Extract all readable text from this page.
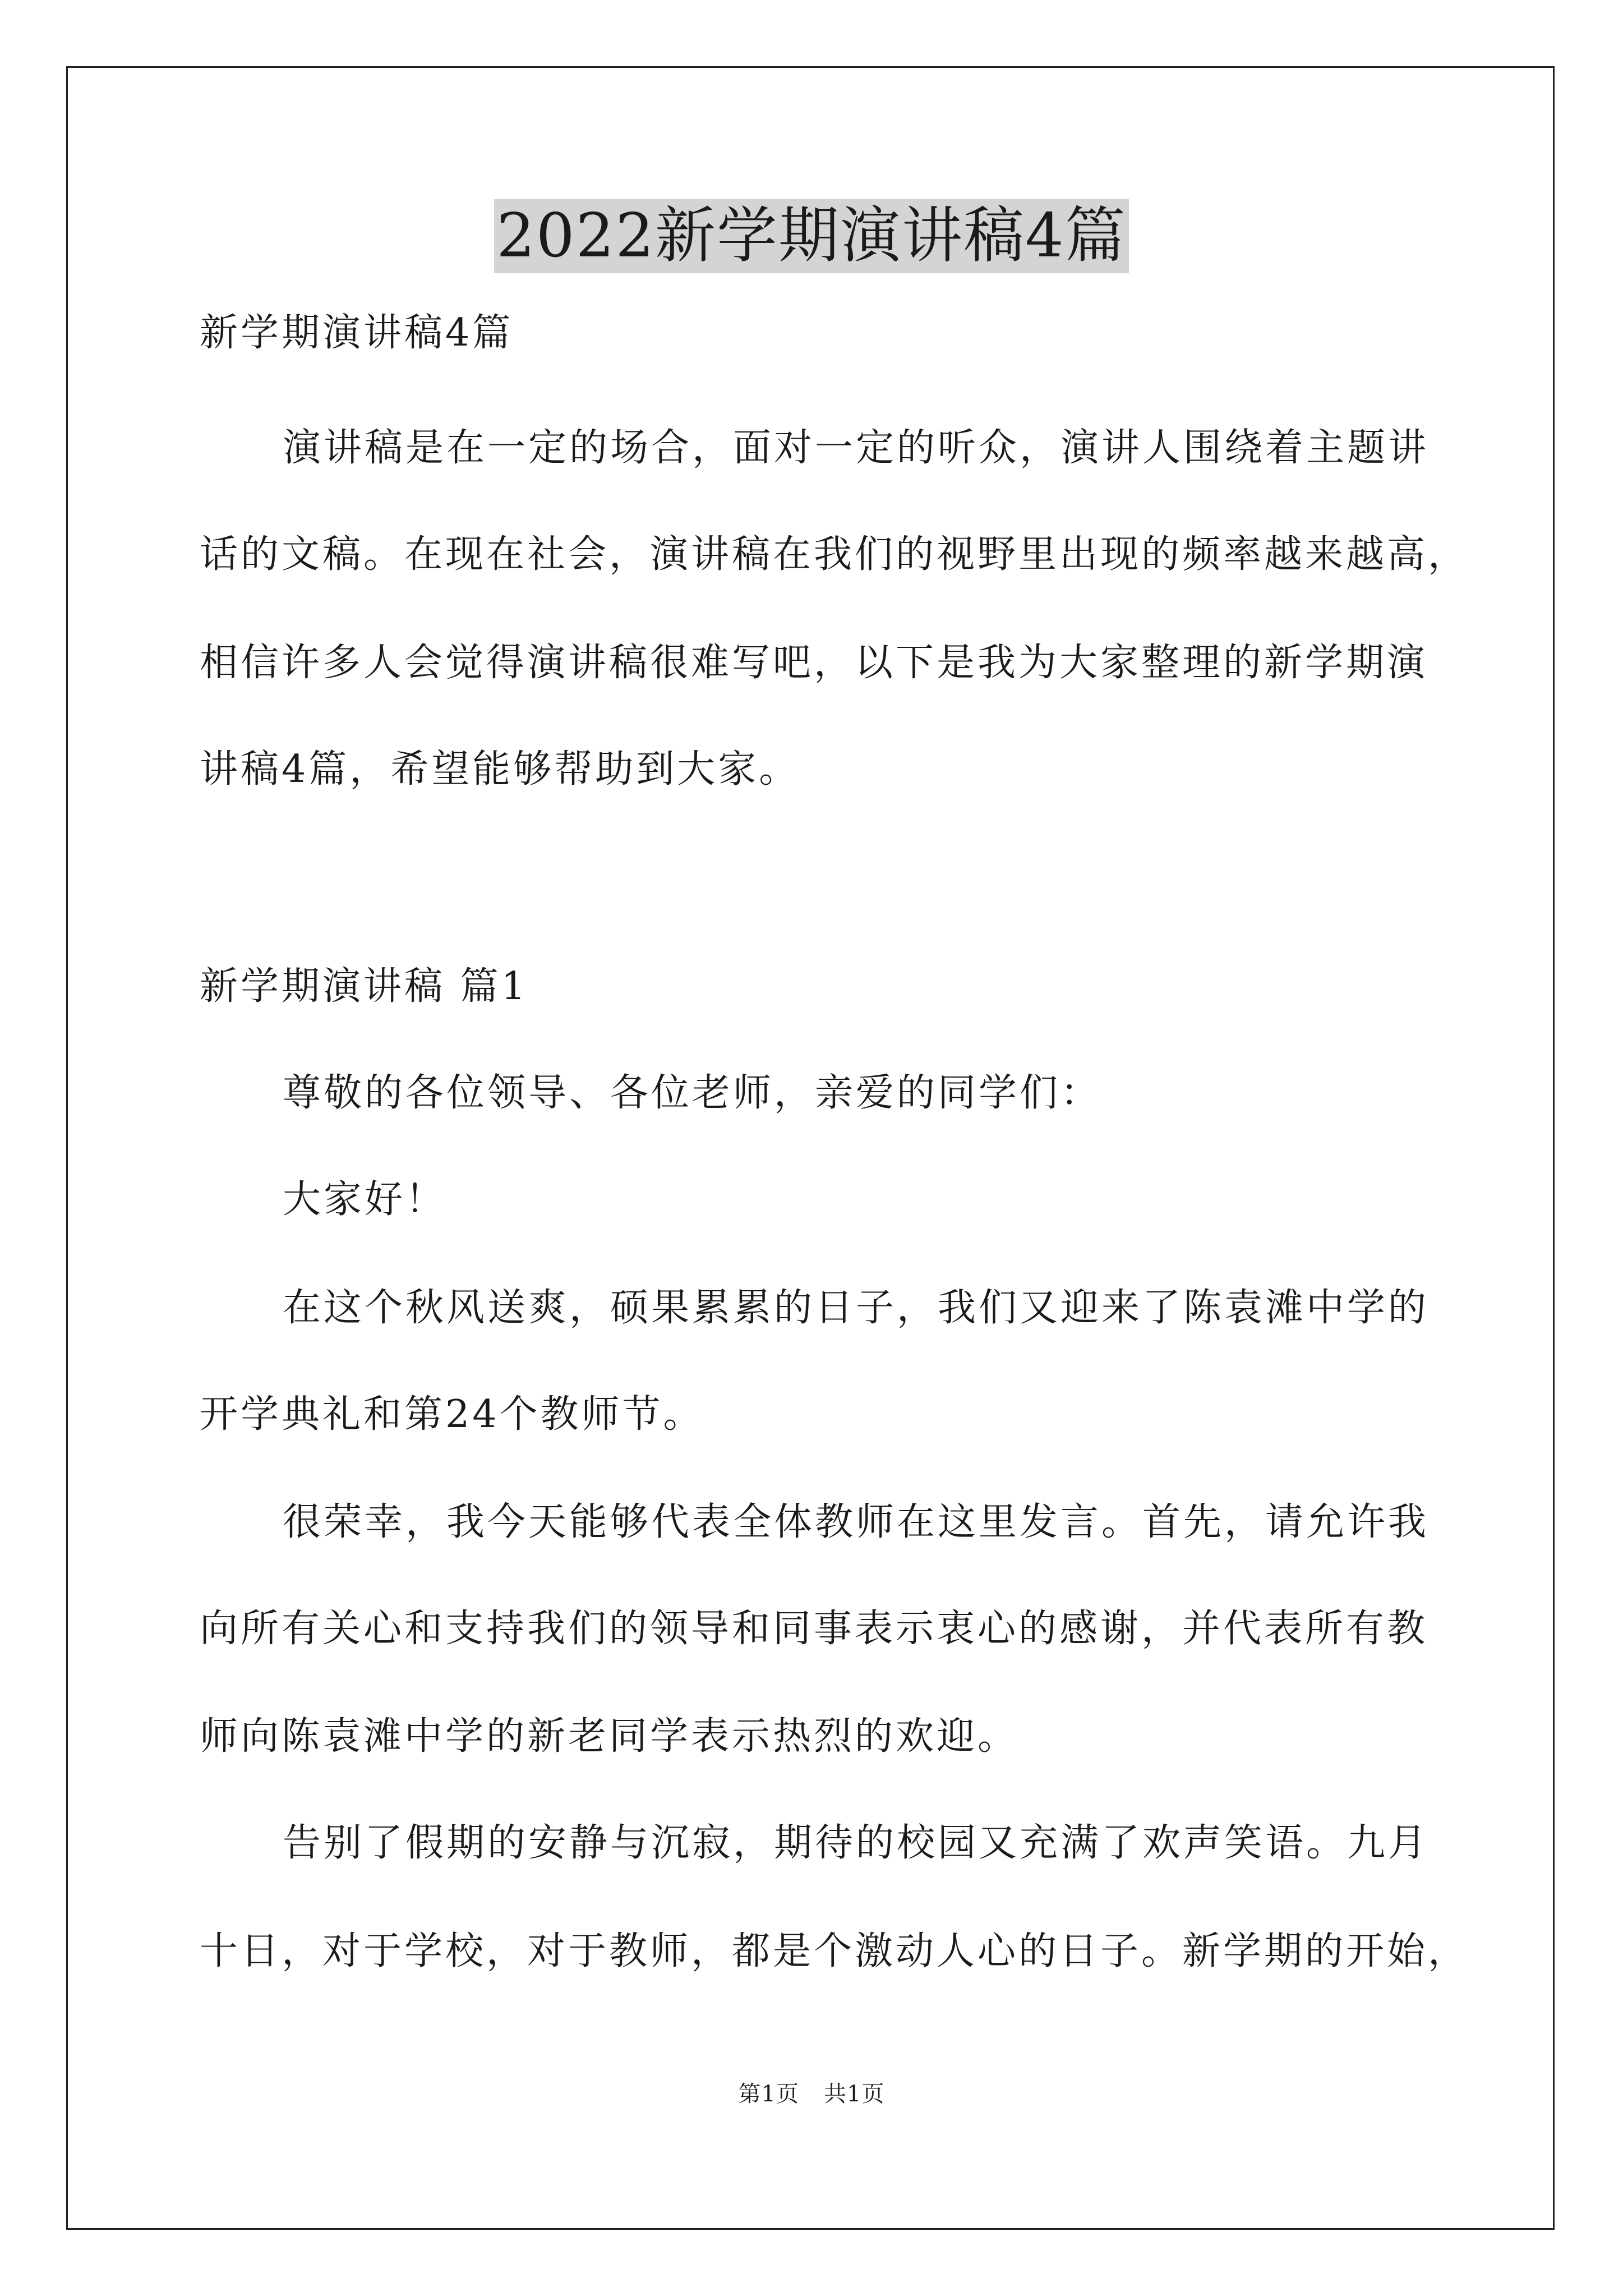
2022新学期演讲稿4篇
新学期演讲稿4篇
演讲稿是在一定的场合，面对一定的听众，演讲人围绕着主题讲
话的文稿。在现在社会，演讲稿在我们的视野里出现的频率越来越高，
相信许多人会觉得演讲稿很难写吧，以下是我为大家整理的新学期演
讲稿4篇，希望能够帮助到大家。
新学期演讲稿 篇1
尊敬的各位领导、各位老师，亲爱的同学们：
大家好！
在这个秋风送爽，硕果累累的日子，我们又迎来了陈袁滩中学的
开学典礼和第24个教师节。
很荣幸，我今天能够代表全体教师在这里发言。首先，请允许我
向所有关心和支持我们的领导和同事表示衷心的感谢，并代表所有教
师向陈袁滩中学的新老同学表示热烈的欢迎。
告别了假期的安静与沉寂，期待的校园又充满了欢声笑语。九月
十日，对于学校，对于教师，都是个激动人心的日子。新学期的开始，
第1页 共1页
